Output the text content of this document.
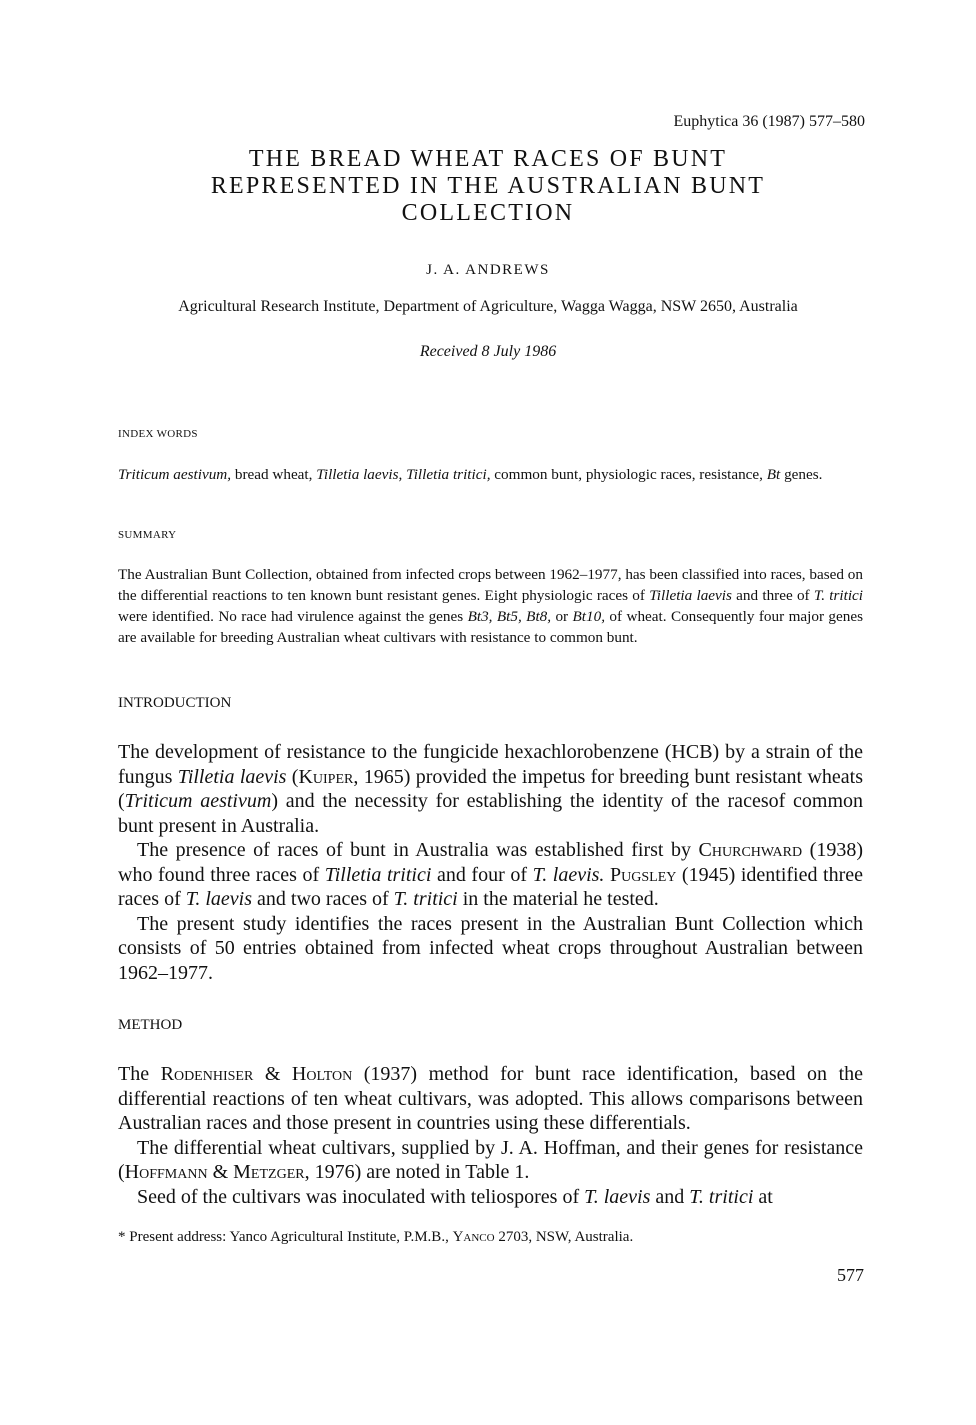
Euphytica 36 (1987) 577–580
THE BREAD WHEAT RACES OF BUNT
REPRESENTED IN THE AUSTRALIAN BUNT
COLLECTION
J. A. ANDREWS
Agricultural Research Institute, Department of Agriculture, Wagga Wagga, NSW 2650, Australia
Received 8 July 1986
INDEX WORDS
Triticum aestivum, bread wheat, Tilletia laevis, Tilletia tritici, common bunt, physiologic races, resistance, Bt genes.
SUMMARY
The Australian Bunt Collection, obtained from infected crops between 1962–1977, has been classified into races, based on the differential reactions to ten known bunt resistant genes. Eight physiologic races of Tilletia laevis and three of T. tritici were identified. No race had virulence against the genes Bt3, Bt5, Bt8, or Bt10, of wheat. Consequently four major genes are available for breeding Australian wheat cultivars with resistance to common bunt.
INTRODUCTION

The development of resistance to the fungicide hexachlorobenzene (HCB) by a strain of the fungus Tilletia laevis (Kuiper, 1965) provided the impetus for breeding bunt resistant wheats (Triticum aestivum) and the necessity for establishing the identity of the racesof common bunt present in Australia.

The presence of races of bunt in Australia was established first by Churchward (1938) who found three races of Tilletia tritici and four of T. laevis. Pugsley (1945) identified three races of T. laevis and two races of T. tritici in the material he tested.

The present study identifies the races present in the Australian Bunt Collection which consists of 50 entries obtained from infected wheat crops throughout Australian between 1962–1977.

METHOD

The Rodenhiser & Holton (1937) method for bunt race identification, based on the differential reactions of ten wheat cultivars, was adopted. This allows comparisons between Australian races and those present in countries using these differentials.

The differential wheat cultivars, supplied by J. A. Hoffman, and their genes for resistance (Hoffmann & Metzger, 1976) are noted in Table 1.

Seed of the cultivars was inoculated with teliospores of T. laevis and T. tritici at

* Present address: Yanco Agricultural Institute, P.M.B., Yanco 2703, NSW, Australia.
577
